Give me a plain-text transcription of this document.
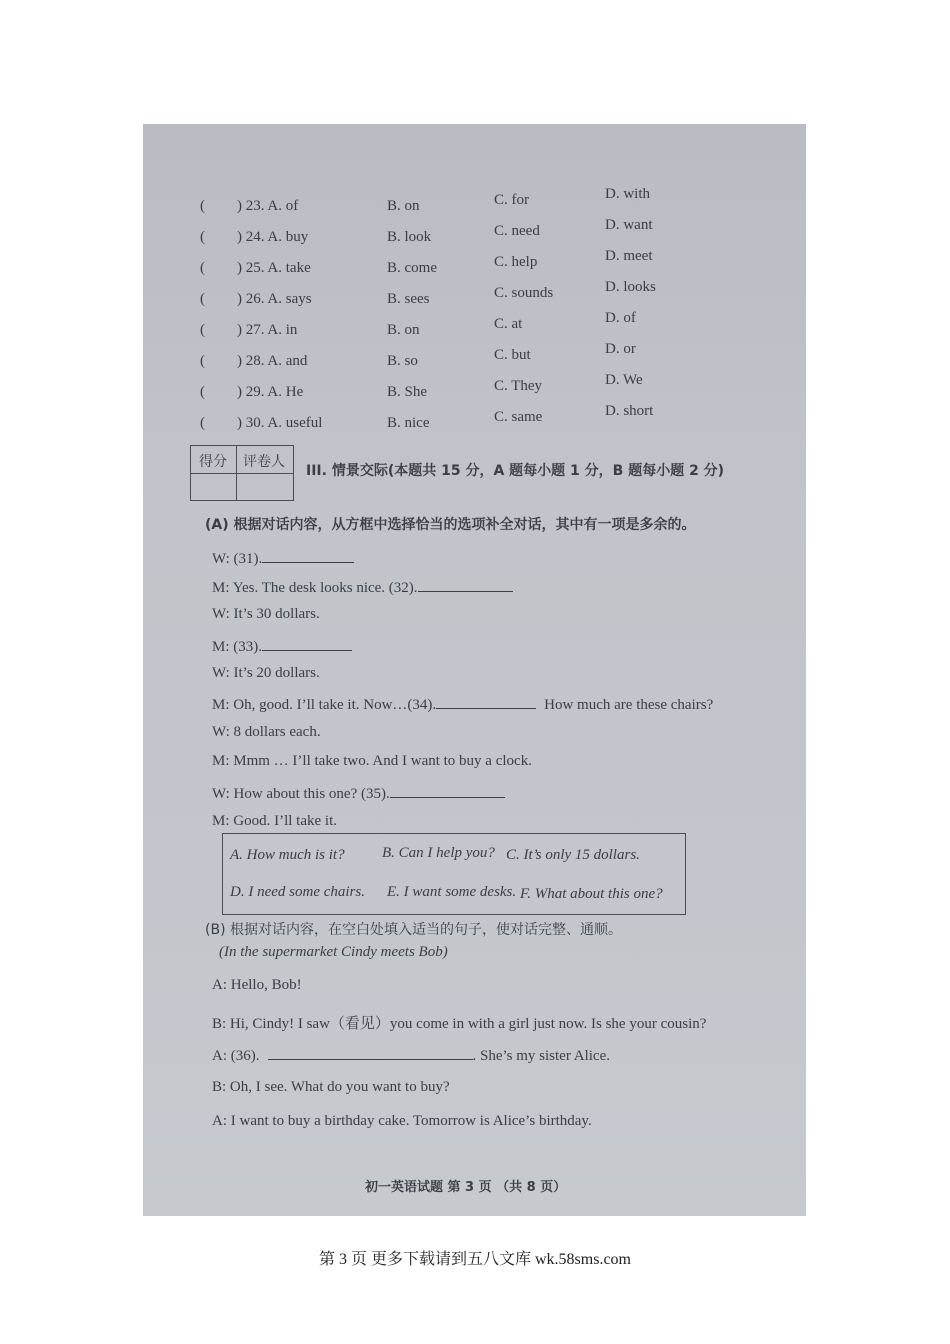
( ) 23. A. of	B. on	C. for	D. with
( ) 24. A. buy	B. look	C. need	D. want
( ) 25. A. take	B. come	C. help	D. meet
( ) 26. A. says	B. sees	C. sounds	D. looks
( ) 27. A. in	B. on	C. at	D. of
( ) 28. A. and	B. so	C. but	D. or
( ) 29. A. He	B. She	C. They	D. We
( ) 30. A. useful	B. nice	C. same	D. short
得分 评卷人
III. 情景交际(本题共 15 分，A 题每小题 1 分，B 题每小题 2 分)
(A) 根据对话内容，从方框中选择恰当的选项补全对话，其中有一项是多余的。
W: (31).
M: Yes. The desk looks nice. (32).
W: It’s 30 dollars.
M: (33).
W: It’s 20 dollars.
M: Oh, good. I’ll take it. Now…(34).	How much are these chairs?
W: 8 dollars each.
M: Mmm … I’ll take two. And I want to buy a clock.
W: How about this one? (35).
M: Good. I’ll take it.
A. How much is it? B. Can I help you? C. It’s only 15 dollars.
D. I need some chairs. E. I want some desks. F. What about this one?
(B) 根据对话内容，在空白处填入适当的句子，使对话完整、通顺。
(In the supermarket Cindy meets Bob)
A: Hello, Bob!
B: Hi, Cindy! I saw（看见）you come in with a girl just now. Is she your cousin?
A: (36).	. She’s my sister Alice.
B: Oh, I see. What do you want to buy?
A: I want to buy a birthday cake. Tomorrow is Alice’s birthday.
初一英语试题 第 3 页 （共 8 页）
第 3 页 更多下载请到五八文库 wk.58sms.com
